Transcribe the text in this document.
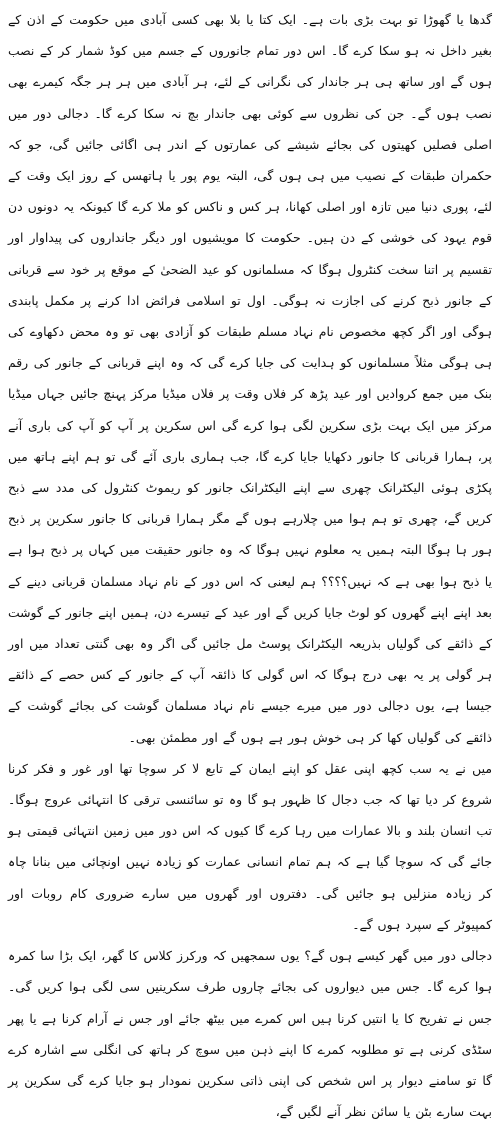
گدھا یا گھوڑا تو بہت بڑی بات ہے۔ ایک کتا یا بلا بھی کسی آبادی میں حکومت کے اذن کے بغیر داخل نہ ہو سکا کرے گا۔ اس دور تمام جانوروں کے جسم میں کوڈ شمار کر کے نصب ہوں گے اور ساتھ ہی ہر جاندار کی نگرانی کے لئے، ہر آبادی میں ہر ہر جگہ کیمرے بھی نصب ہوں گے۔ جن کی نظروں سے کوئی بھی جاندار بچ نہ سکا کرے گا۔ دجالی دور میں اصلی فصلیں کھیتوں کی بجائے شیشے کی عمارتوں کے اندر ہی اگائی جائیں گی، جو کہ حکمران طبقات کے نصیب میں ہی ہوں گی، البتہ یوم پور یا ہاتھسں کے روز ایک وقت کے لئے، پوری دنیا میں تازہ اور اصلی کھانا، ہر کس و ناکس کو ملا کرے گا کیونکہ یہ دونوں دن قوم یہود کی خوشی کے دن ہیں۔ حکومت کا مویشیوں اور دیگر جانداروں کی پیداوار اور تقسیم پر اتنا سخت کنٹرول ہوگا کہ مسلمانوں کو عید الضحیٰ کے موقع پر خود سے قربانی کے جانور ذبح کرنے کی اجازت نہ ہوگی۔ اول تو اسلامی فرائض ادا کرنے پر مکمل پابندی ہوگی اور اگر کچھ مخصوص نام نہاد مسلم طبقات کو آزادی بھی تو وہ محض دکھاوے کی ہی ہوگی مثلاً مسلمانوں کو ہدایت کی جایا کرے گی کہ وہ اپنے قربانی کے جانور کی رقم بنک میں جمع کروادیں اور عید پڑھ کر فلاں وقت پر فلاں میڈیا مرکز پہنچ جائیں جہاں میڈیا مرکز میں ایک بہت بڑی سکرین لگی ہوا کرے گی اس سکرین پر آپ کو آپ کی باری آنے پر، ہمارا قربانی کا جانور دکھایا جایا کرے گا، جب ہماری باری آئے گی تو ہم اپنے ہاتھ میں پکڑی ہوئی الیکٹرانک چھری سے اپنے الیکٹرانک جانور کو ریموٹ کنٹرول کی مدد سے ذبح کریں گے، چھری تو ہم ہوا میں چلارہے ہوں گے مگر ہمارا قربانی کا جانور سکرین پر ذبح ہور ہا ہوگا البتہ ہمیں یہ معلوم نہیں ہوگا کہ وہ جانور حقیقت میں کہاں پر ذبح ہوا ہے یا ذبح ہوا بھی ہے کہ نہیں؟؟؟؟ ہم لیعنی کہ اس دور کے نام نہاد مسلمان قربانی دینے کے بعد اپنے اپنے گھروں کو لوٹ جایا کریں گے اور عید کے تیسرے دن، ہمیں اپنے جانور کے گوشت کے ذائقے کی گولیاں بذریعہ الیکٹرانک پوسٹ مل جائیں گی اگر وہ بھی گنتی تعداد میں اور ہر گولی پر یہ بھی درج ہوگا کہ اس گولی کا ذائقہ آپ کے جانور کے کس حصے کے ذائقے جیسا ہے، یوں دجالی دور میں میرے جیسے نام نہاد مسلمان گوشت کی بجائے گوشت کے ذائقے کی گولیاں کھا کر ہی خوش ہور ہے ہوں گے اور مطمئن بھی۔

میں نے یہ سب کچھ اپنی عقل کو اپنے ایمان کے تابع لا کر سوچا تھا اور غور و فکر کرنا شروع کر دیا تھا کہ جب دجال کا ظہور ہو گا وہ تو سائنسی ترقی کا انتہائی عروج ہوگا۔ تب انسان بلند و بالا عمارات میں رہا کرے گا کیوں کہ اس دور میں زمین انتہائی قیمتی ہو جائے گی کہ سوچا گیا ہے کہ ہم تمام انسانی عمارت کو زیادہ نہیں اونچائی میں بنانا چاہ کر زیادہ منزلیں ہو جائیں گی۔ دفتروں اور گھروں میں سارے ضروری کام روبات اور کمپیوٹر کے سپرد ہوں گے۔

دجالی دور میں گھر کیسے ہوں گے؟ یوں سمجھیں کہ ورکرز کلاس کا گھر، ایک بڑا سا کمرہ ہوا کرے گا۔ جس میں دیواروں کی بجائے چاروں طرف سکرینیں سی لگی ہوا کریں گی۔ جس نے تفریح کا یا انتیں کرنا ہیں اس کمرے میں بیٹھ جائے اور جس نے آرام کرنا ہے یا پھر سٹڈی کرنی ہے تو مطلوبہ کمرے کا اپنے ذہن میں سوچ کر ہاتھ کی انگلی سے اشارہ کرے گا تو سامنے دیوار پر اس شخص کی اپنی ذاتی سکرین نمودار ہو جایا کرے گی سکرین پر بہت سارے بٹن یا سائن نظر آنے لگیں گے،
